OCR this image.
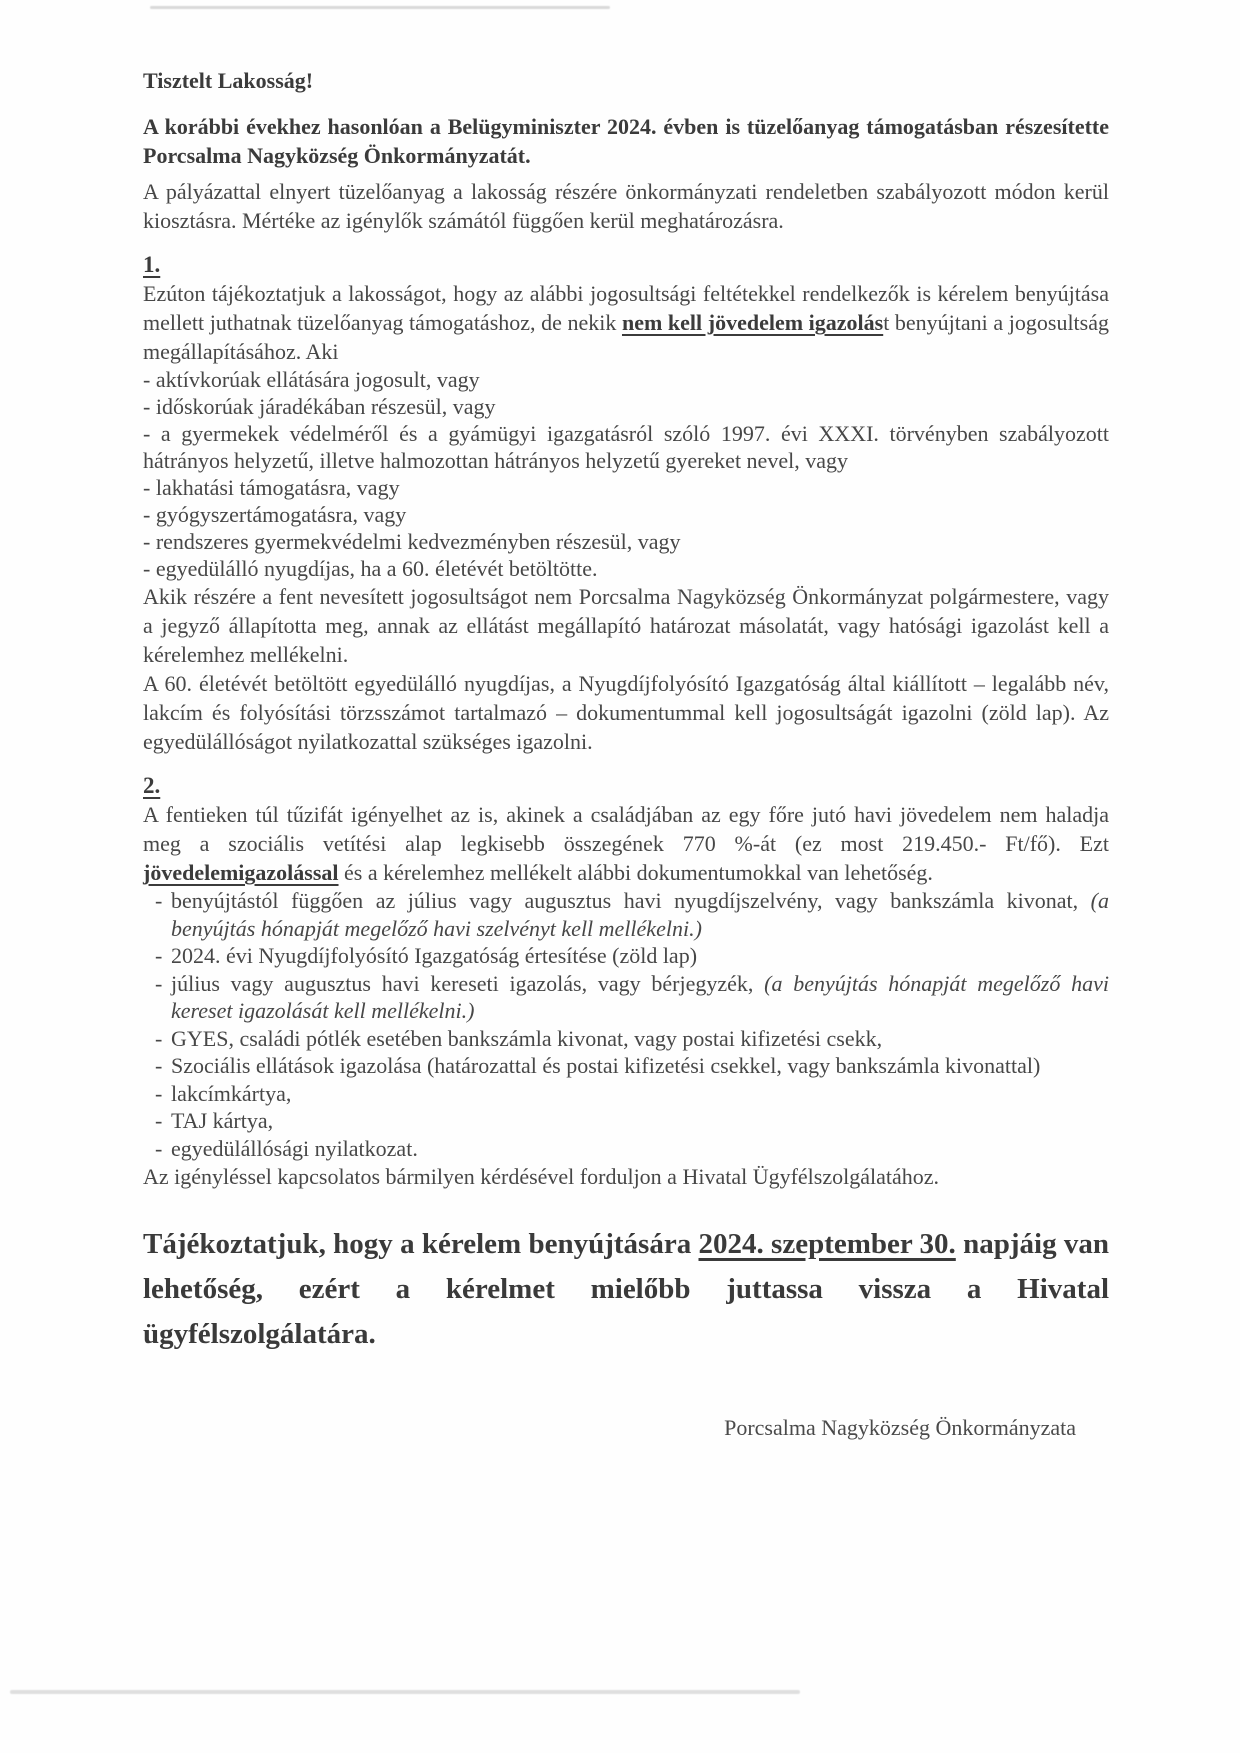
Tisztelt Lakosság!

A korábbi évekhez hasonlóan a Belügyminiszter 2024. évben is tüzelőanyag támogatásban részesítette Porcsalma Nagyközség Önkormányzatát.

A pályázattal elnyert tüzelőanyag a lakosság részére önkormányzati rendeletben szabályozott módon kerül kiosztásra. Mértéke az igénylők számától függően kerül meghatározásra.

1.

Ezúton tájékoztatjuk a lakosságot, hogy az alábbi jogosultsági feltétekkel rendelkezők is kérelem benyújtása mellett juthatnak tüzelőanyag támogatáshoz, de nekik nem kell jövedelem igazolást benyújtani a jogosultság megállapításához. Aki

- aktívkorúak ellátására jogosult, vagy

- időskorúak járadékában részesül, vagy

- a gyermekek védelméről és a gyámügyi igazgatásról szóló 1997. évi XXXI. törvényben szabályozott hátrányos helyzetű, illetve halmozottan hátrányos helyzetű gyereket nevel, vagy

- lakhatási támogatásra, vagy

- gyógyszertámogatásra, vagy

- rendszeres gyermekvédelmi kedvezményben részesül, vagy

- egyedülálló nyugdíjas, ha a 60. életévét betöltötte.

Akik részére a fent nevesített jogosultságot nem Porcsalma Nagyközség Önkormányzat polgármestere, vagy a jegyző állapította meg, annak az ellátást megállapító határozat másolatát, vagy hatósági igazolást kell a kérelemhez mellékelni.

A 60. életévét betöltött egyedülálló nyugdíjas, a Nyugdíjfolyósító Igazgatóság által kiállított – legalább név, lakcím és folyósítási törzsszámot tartalmazó – dokumentummal kell jogosultságát igazolni (zöld lap). Az egyedülállóságot nyilatkozattal szükséges igazolni.

2.

A fentieken túl tűzifát igényelhet az is, akinek a családjában az egy főre jutó havi jövedelem nem haladja meg a szociális vetítési alap legkisebb összegének 770 %-át (ez most 219.450.- Ft/fő). Ezt jövedelemigazolással és a kérelemhez mellékelt alábbi dokumentumokkal van lehetőség.

- benyújtástól függően az július vagy augusztus havi nyugdíjszelvény, vagy bankszámla kivonat, (a benyújtás hónapját megelőző havi szelvényt kell mellékelni.)
- 2024. évi Nyugdíjfolyósító Igazgatóság értesítése (zöld lap)
- július vagy augusztus havi kereseti igazolás, vagy bérjegyzék, (a benyújtás hónapját megelőző havi kereset igazolását kell mellékelni.)
- GYES, családi pótlék esetében bankszámla kivonat, vagy postai kifizetési csekk,
- Szociális ellátások igazolása (határozattal és postai kifizetési csekkel, vagy bankszámla kivonattal)
- lakcímkártya,
- TAJ kártya,
- egyedülállósági nyilatkozat.

Az igényléssel kapcsolatos bármilyen kérdésével forduljon a Hivatal Ügyfélszolgálatához.

Tájékoztatjuk, hogy a kérelem benyújtására 2024. szeptember 30. napjáig van lehetőség, ezért a kérelmet mielőbb juttassa vissza a Hivatal ügyfélszolgálatára.

Porcsalma Nagyközség Önkormányzata
